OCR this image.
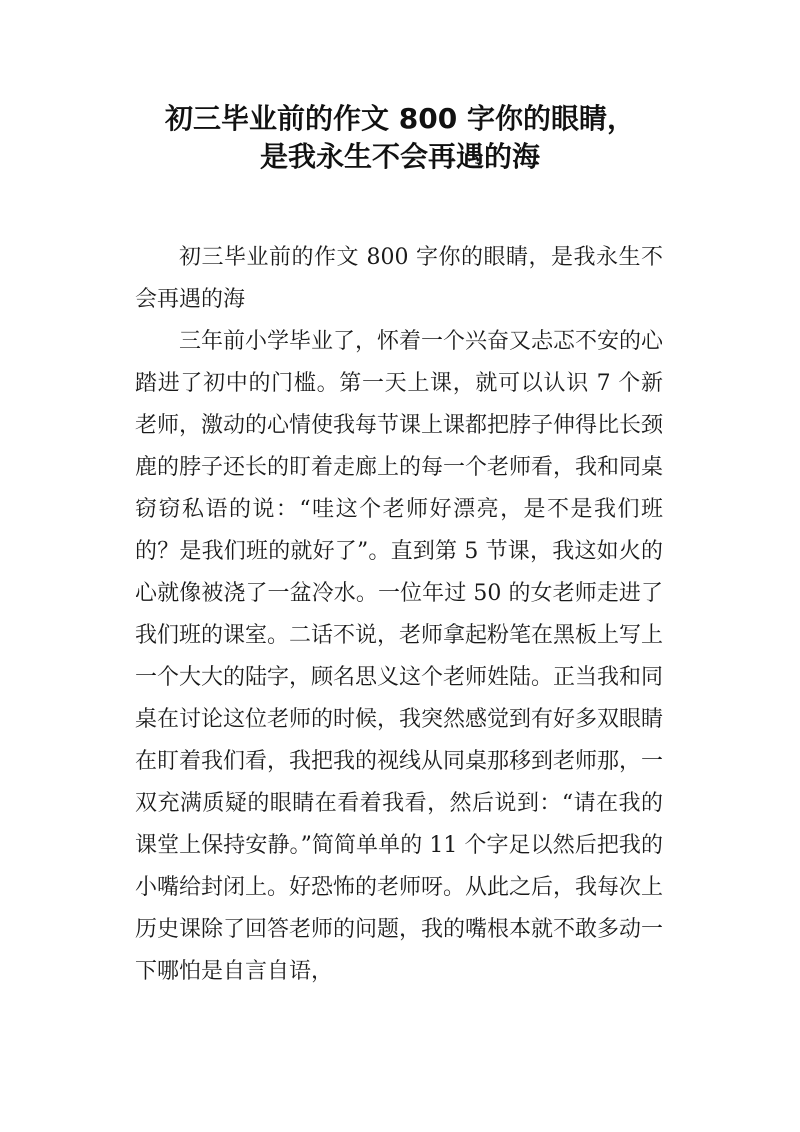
初三毕业前的作文 800 字你的眼睛，
是我永生不会再遇的海

初三毕业前的作文 800 字你的眼睛，是我永生不会再遇的海

三年前小学毕业了，怀着一个兴奋又忐忑不安的心踏进了初中的门槛。第一天上课，就可以认识 7 个新老师，激动的心情使我每节课上课都把脖子伸得比长颈鹿的脖子还长的盯着走廊上的每一个老师看，我和同桌窃窃私语的说：“哇这个老师好漂亮，是不是我们班的？是我们班的就好了”。直到第 5 节课，我这如火的心就像被浇了一盆冷水。一位年过 50 的女老师走进了我们班的课室。二话不说，老师拿起粉笔在黑板上写上一个大大的陆字，顾名思义这个老师姓陆。正当我和同桌在讨论这位老师的时候，我突然感觉到有好多双眼睛在盯着我们看，我把我的视线从同桌那移到老师那，一双充满质疑的眼睛在看着我看，然后说到：“请在我的课堂上保持安静。”简简单单的 11 个字足以然后把我的小嘴给封闭上。好恐怖的老师呀。从此之后，我每次上历史课除了回答老师的问题，我的嘴根本就不敢多动一下哪怕是自言自语，
